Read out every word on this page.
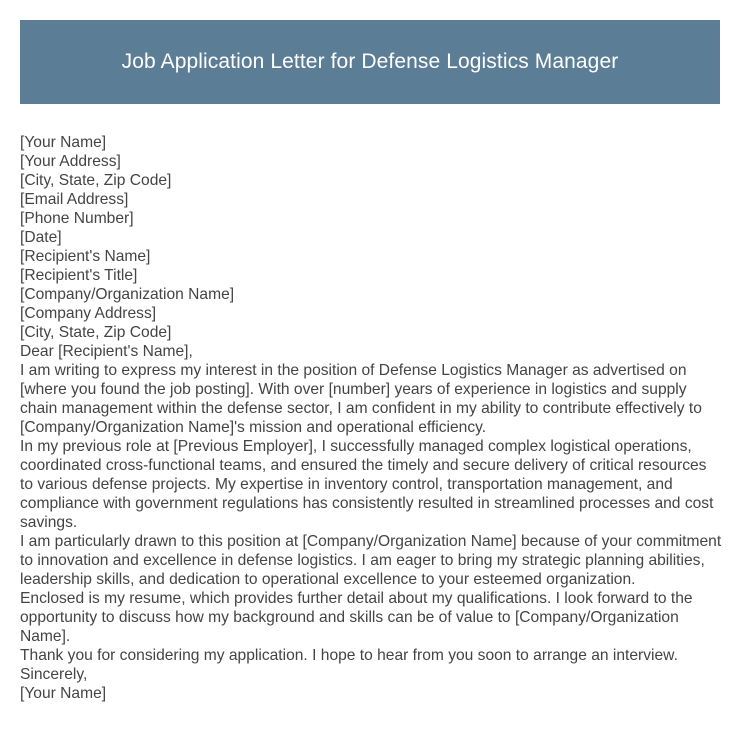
Job Application Letter for Defense Logistics Manager

[Your Name]

[Your Address]

[City, State, Zip Code]

[Email Address]

[Phone Number]

[Date]

[Recipient's Name]

[Recipient's Title]

[Company/Organization Name]

[Company Address]

[City, State, Zip Code]

Dear [Recipient's Name],

I am writing to express my interest in the position of Defense Logistics Manager as advertised on [where you found the job posting]. With over [number] years of experience in logistics and supply chain management within the defense sector, I am confident in my ability to contribute effectively to [Company/Organization Name]'s mission and operational efficiency.

In my previous role at [Previous Employer], I successfully managed complex logistical operations, coordinated cross-functional teams, and ensured the timely and secure delivery of critical resources to various defense projects. My expertise in inventory control, transportation management, and compliance with government regulations has consistently resulted in streamlined processes and cost savings.

I am particularly drawn to this position at [Company/Organization Name] because of your commitment to innovation and excellence in defense logistics. I am eager to bring my strategic planning abilities, leadership skills, and dedication to operational excellence to your esteemed organization.

Enclosed is my resume, which provides further detail about my qualifications. I look forward to the opportunity to discuss how my background and skills can be of value to [Company/Organization Name].

Thank you for considering my application. I hope to hear from you soon to arrange an interview.

Sincerely,

[Your Name]
